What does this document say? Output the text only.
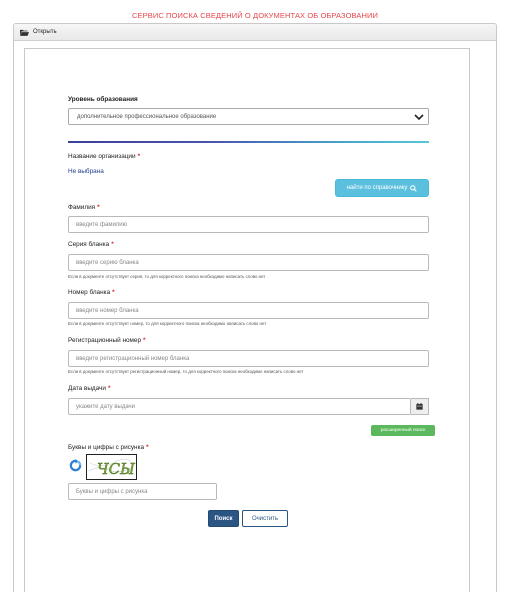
СЕРВИС ПОИСКА СВЕДЕНИЙ О ДОКУМЕНТАХ ОБ ОБРАЗОВАНИИ
Открыть
Уровень образования
дополнительное профессиональное образование
Название организации *
Не выбрана
найти по справочнику
Фамилия *
введите фамилию
Серия бланка *
введите серию бланка
Если в документе отсутствует серия, то для корректного поиска необходимо написать слово нет
Номер бланка *
введите номер бланка
Если в документе отсутствует номер, то для корректного поиска необходимо написать слово нет
Регистрационный номер *
введите регистрационный номер бланка
Если в документе отсутствует регистрационный номер, то для корректного поиска необходимо написать слово нет
Дата выдачи *
укажите дату выдачи
расширенный поиск
Буквы и цифры с рисунка *
ЧСЫ
Буквы и цифры с рисунка
Поиск	Очистить
